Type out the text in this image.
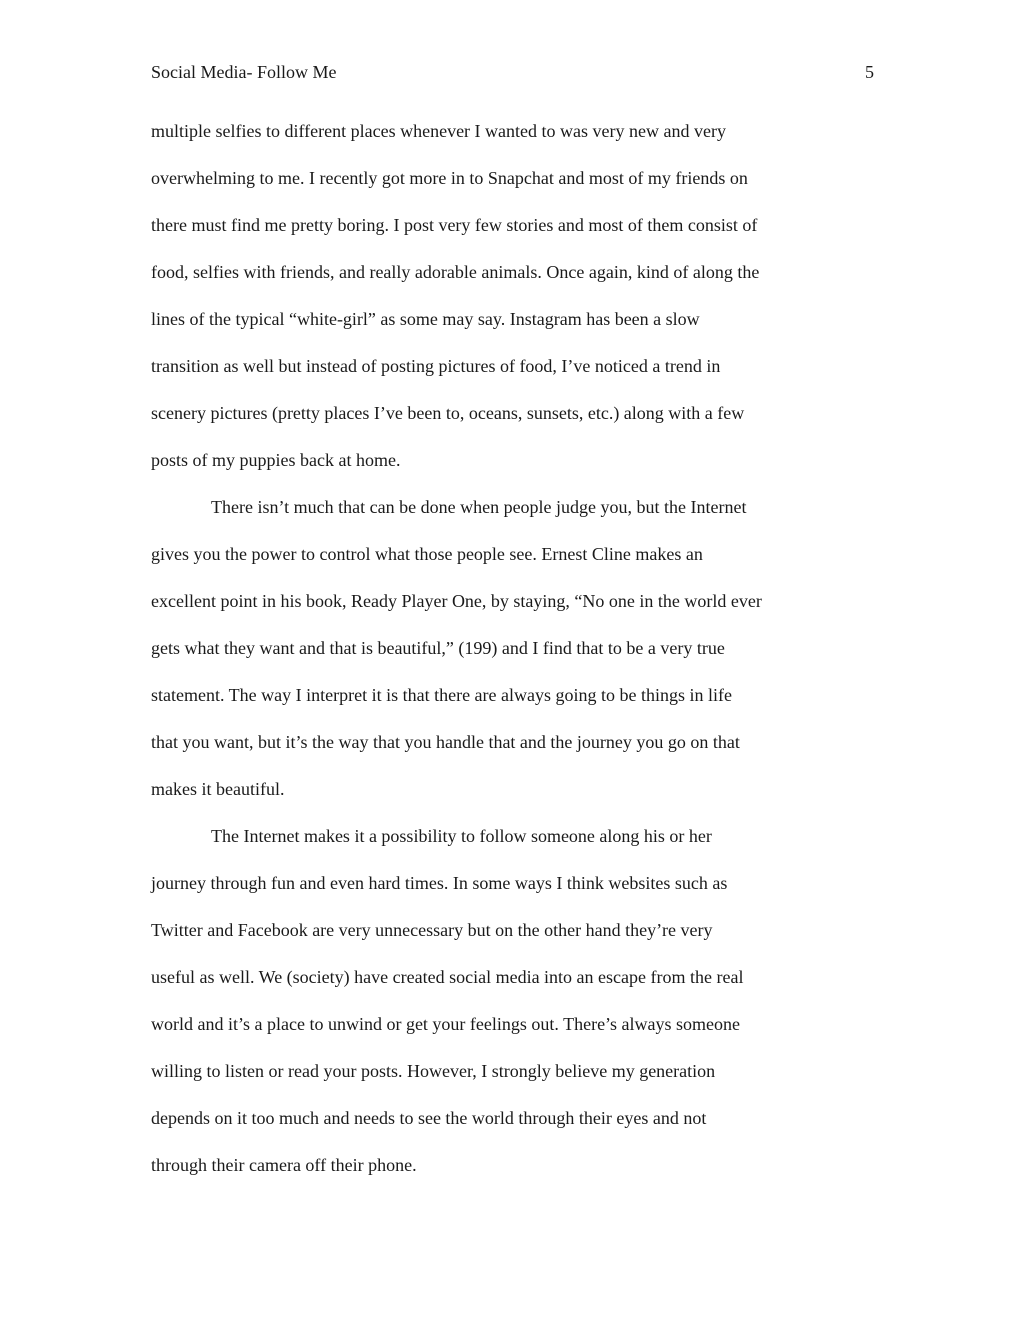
Social Media- Follow Me	5
multiple selfies to different places whenever I wanted to was very new and very
overwhelming to me. I recently got more in to Snapchat and most of my friends on
there must find me pretty boring. I post very few stories and most of them consist of
food, selfies with friends, and really adorable animals. Once again, kind of along the
lines of the typical “white-girl” as some may say. Instagram has been a slow
transition as well but instead of posting pictures of food, I’ve noticed a trend in
scenery pictures (pretty places I’ve been to, oceans, sunsets, etc.) along with a few
posts of my puppies back at home.
There isn’t much that can be done when people judge you, but the Internet
gives you the power to control what those people see. Ernest Cline makes an
excellent point in his book, Ready Player One, by staying, “No one in the world ever
gets what they want and that is beautiful,” (199) and I find that to be a very true
statement. The way I interpret it is that there are always going to be things in life
that you want, but it’s the way that you handle that and the journey you go on that
makes it beautiful.
The Internet makes it a possibility to follow someone along his or her
journey through fun and even hard times. In some ways I think websites such as
Twitter and Facebook are very unnecessary but on the other hand they’re very
useful as well. We (society) have created social media into an escape from the real
world and it’s a place to unwind or get your feelings out. There’s always someone
willing to listen or read your posts. However, I strongly believe my generation
depends on it too much and needs to see the world through their eyes and not
through their camera off their phone.
